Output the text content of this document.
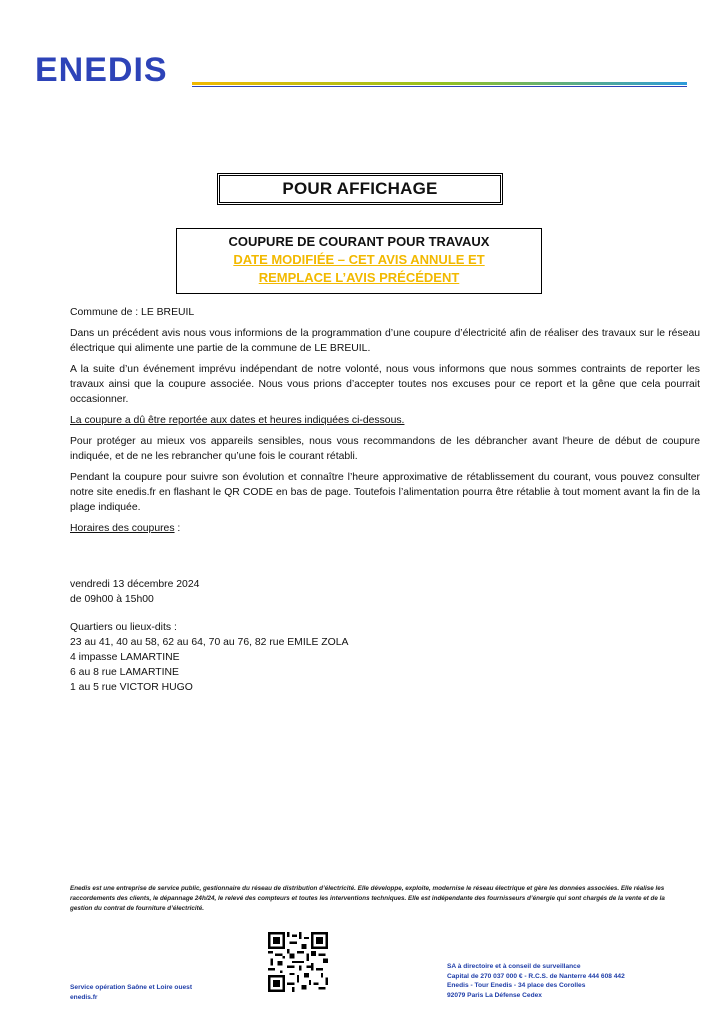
ENEDIS
POUR AFFICHAGE
COUPURE DE COURANT POUR TRAVAUX
DATE MODIFIÉE – CET AVIS ANNULE ET
REMPLACE L’AVIS PRÉCÉDENT

Commune de : LE BREUIL

Dans un précédent avis nous vous informions de la programmation d’une coupure d’électricité afin de réaliser des travaux sur le réseau électrique qui alimente une partie de la commune de LE BREUIL.

A la suite d’un événement imprévu indépendant de notre volonté, nous vous informons que nous sommes contraints de reporter les travaux ainsi que la coupure associée. Nous vous prions d’accepter toutes nos excuses pour ce report et la gêne que cela pourrait occasionner.

La coupure a dû être reportée aux dates et heures indiquées ci-dessous.

Pour protéger au mieux vos appareils sensibles, nous vous recommandons de les débrancher avant l'heure de début de coupure indiquée, et de ne les rebrancher qu’une fois le courant rétabli.

Pendant la coupure pour suivre son évolution et connaître l’heure approximative de rétablissement du courant, vous pouvez consulter notre site enedis.fr en flashant le QR CODE en bas de page. Toutefois l’alimentation pourra être rétablie à tout moment avant la fin de la plage indiquée.

Horaires des coupures :

vendredi 13 décembre 2024
de 09h00 à 15h00
Quartiers ou lieux-dits :
23 au 41, 40 au 58, 62 au 64, 70 au 76, 82 rue EMILE ZOLA
4 impasse LAMARTINE
6 au 8 rue LAMARTINE
1 au 5 rue VICTOR HUGO
Enedis est une entreprise de service public, gestionnaire du réseau de distribution d’électricité. Elle développe, exploite, modernise le réseau électrique et gère les données associées. Elle réalise les raccordements des clients, le dépannage 24h/24, le relevé des compteurs et toutes les interventions techniques. Elle est indépendante des fournisseurs d’énergie qui sont chargés de la vente et de la gestion du contrat de fourniture d’électricité.
Service opération Saône et Loire ouest
enedis.fr
SA à directoire et à conseil de surveillance
Capital de 270 037 000 € - R.C.S. de Nanterre 444 608 442
Enedis - Tour Enedis - 34 place des Corolles
92079 Paris La Défense Cedex
